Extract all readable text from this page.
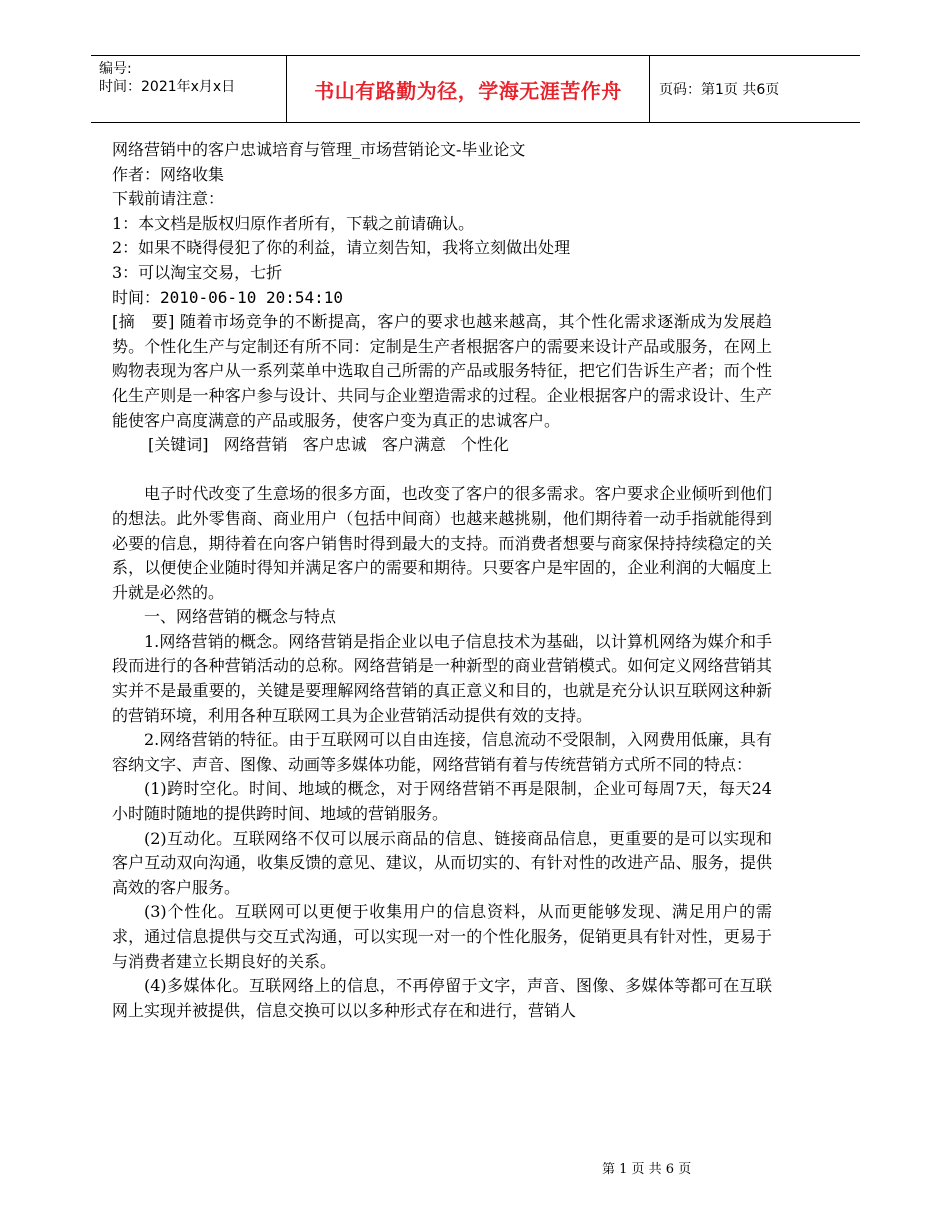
编号:
时间：2021年x月x日	书山有路勤为径，学海无涯苦作舟	页码：第1页 共6页
网络营销中的客户忠诚培育与管理_市场营销论文-毕业论文
作者：网络收集
下载前请注意：
1：本文档是版权归原作者所有，下载之前请确认。
2：如果不晓得侵犯了你的利益，请立刻告知，我将立刻做出处理
3：可以淘宝交易，七折
时间：2010-06-10 20:54:10

[摘　要] 随着市场竞争的不断提高，客户的要求也越来越高，其个性化需求逐渐成为发展趋势。个性化生产与定制还有所不同：定制是生产者根据客户的需要来设计产品或服务，在网上购物表现为客户从一系列菜单中选取自己所需的产品或服务特征，把它们告诉生产者；而个性化生产则是一种客户参与设计、共同与企业塑造需求的过程。企业根据客户的需求设计、生产能使客户高度满意的产品或服务，使客户变为真正的忠诚客户。

[关键词] 网络营销 客户忠诚 客户满意 个性化

电子时代改变了生意场的很多方面，也改变了客户的很多需求。客户要求企业倾听到他们的想法。此外零售商、商业用户（包括中间商）也越来越挑剔，他们期待着一动手指就能得到必要的信息，期待着在向客户销售时得到最大的支持。而消费者想要与商家保持持续稳定的关系，以便使企业随时得知并满足客户的需要和期待。只要客户是牢固的，企业利润的大幅度上升就是必然的。

一、网络营销的概念与特点

1.网络营销的概念。网络营销是指企业以电子信息技术为基础，以计算机网络为媒介和手段而进行的各种营销活动的总称。网络营销是一种新型的商业营销模式。如何定义网络营销其实并不是最重要的，关键是要理解网络营销的真正意义和目的，也就是充分认识互联网这种新的营销环境，利用各种互联网工具为企业营销活动提供有效的支持。

2.网络营销的特征。由于互联网可以自由连接，信息流动不受限制，入网费用低廉，具有容纳文字、声音、图像、动画等多媒体功能，网络营销有着与传统营销方式所不同的特点：

(1)跨时空化。时间、地域的概念，对于网络营销不再是限制，企业可每周7天，每天24小时随时随地的提供跨时间、地域的营销服务。

(2)互动化。互联网络不仅可以展示商品的信息、链接商品信息，更重要的是可以实现和客户互动双向沟通，收集反馈的意见、建议，从而切实的、有针对性的改进产品、服务，提供高效的客户服务。

(3)个性化。互联网可以更便于收集用户的信息资料，从而更能够发现、满足用户的需求，通过信息提供与交互式沟通，可以实现一对一的个性化服务，促销更具有针对性，更易于与消费者建立长期良好的关系。

(4)多媒体化。互联网络上的信息，不再停留于文字，声音、图像、多媒体等都可在互联网上实现并被提供，信息交换可以以多种形式存在和进行，营销人

第 1 页 共 6 页
